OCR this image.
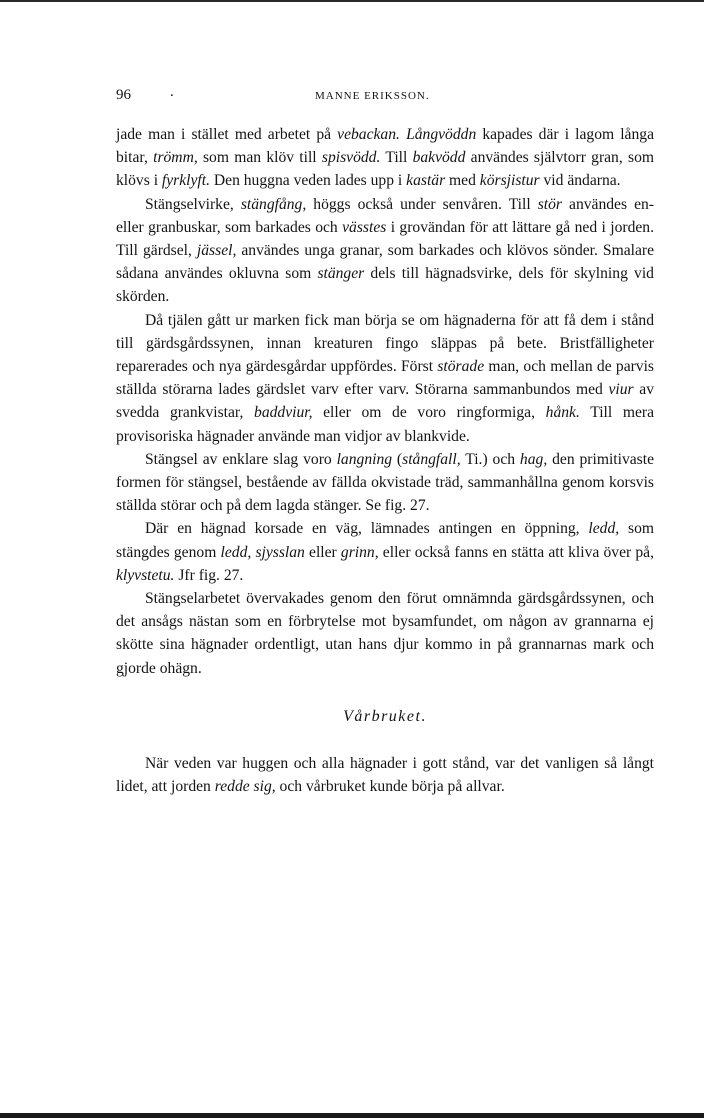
96	.	MANNE ERIKSSON.

jade man i stället med arbetet på vebackan. Långvöddn kapades där i lagom långa bitar, trömm, som man klöv till spisvödd. Till bakvödd användes självtorr gran, som klövs i fyrklyft. Den huggna veden lades upp i kastär med körsjistur vid ändarna.

Stängselvirke, stängfång, höggs också under senvåren. Till stör användes en- eller granbuskar, som barkades och vässtes i grovändan för att lättare gå ned i jorden. Till gärdsel, jässel, användes unga granar, som barkades och klövos sönder. Smalare sådana användes okluvna som stänger dels till hägnadsvirke, dels för skylning vid skörden.

Då tjälen gått ur marken fick man börja se om hägnaderna för att få dem i stånd till gärdsgårdssynen, innan kreaturen fingo släppas på bete. Bristfälligheter reparerades och nya gärdesgårdar uppfördes. Först störade man, och mellan de parvis ställda störarna lades gärdslet varv efter varv. Störarna sammanbundos med viur av svedda grankvistar, baddviur, eller om de voro ringformiga, hånk. Till mera provisoriska hägnader använde man vidjor av blankvide.

Stängsel av enklare slag voro langning (stångfall, Ti.) och hag, den primitivaste formen för stängsel, bestående av fällda okvistade träd, sammanhållna genom korsvis ställda störar och på dem lagda stänger. Se fig. 27.

Där en hägnad korsade en väg, lämnades antingen en öppning, ledd, som stängdes genom ledd, sjysslan eller grinn, eller också fanns en stätta att kliva över på, klyvstetu. Jfr fig. 27.

Stängselarbetet övervakades genom den förut omnämnda gärdsgårdssynen, och det ansågs nästan som en förbrytelse mot bysamfundet, om någon av grannarna ej skötte sina hägnader ordentligt, utan hans djur kommo in på grannarnas mark och gjorde ohägn.

Vårbruket.

När veden var huggen och alla hägnader i gott stånd, var det vanligen så långt lidet, att jorden redde sig, och vårbruket kunde börja på allvar.
